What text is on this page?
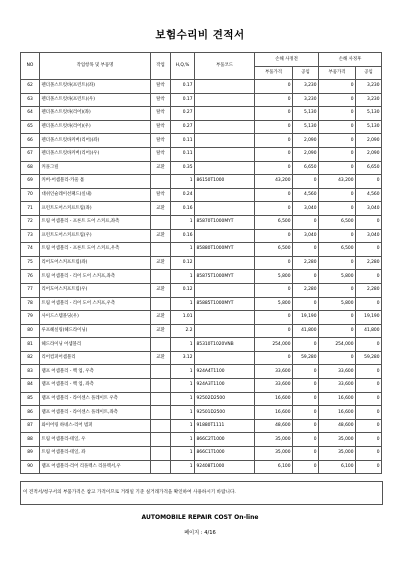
보험수리비 견적서
NO	작업항목 및 부품명	작업	H,Q,%	부품코드	손해 사정전		손해 사정후	
					부품가격	공임	부품가격	공임
62	펜더몰스트럿바(프런트)(좌)	탈착	0.17		0	3,230	0	3,230
63	펜더몰스트럿바(프런트)(우)	탈착	0.17		0	3,230	0	3,230
64	펜더몰스트럿바(리어)(좌)	탈착	0.27		0	5,130	0	5,130
65	펜더몰스트럿바(리어)(우)	탈착	0.27		0	5,130	0	5,130
66	펜더몰스트럿바커버(리어)(좌)	탈착	0.11		0	2,090	0	2,090
67	펜더몰스트럿바커버(리어)(우)	탈착	0.11		0	2,090	0	2,090
68	커플그릴	교환	0.35		0	6,650	0	6,650
69	커버-어셈블리-카울 톱		1	86150T1000	43,200	0	43,200	0
70	대쉬인슐레이션패드(실내)	탈착	0.24		0	4,560	0	4,560
71	프런트도어스커프트립(좌)	교환	0.16		0	3,040	0	3,040
72	트림 어셈블리 - 프론트 도어 스커프,좌측		1	85870T1000MYT	6,500	0	6,500	0
73	프런트도어스커프트립(우)	교환	0.16		0	3,040	0	3,040
74	트림 어셈블리 - 프론트 도어 스커프,우측		1	85880T1000MYT	6,500	0	6,500	0
75	리어도어스커프트립(좌)	교환	0.12		0	2,280	0	2,280
76	트림 어셈블리 - 리어 도어 스커프,좌측		1	85875T1000MYT	5,800	0	5,800	0
77	리어도어스커프트립(우)	교환	0.12		0	2,280	0	2,280
78	트림 어셈블리 - 리어 도어 스커프,우측		1	85885T1000MYT	5,800	0	5,800	0
79	사이드스텝몰딩(우)	교환	1.01		0	19,190	0	19,190
80	루프헤실링(헤드라이닝)	교환	2.2		0	41,800	0	41,800
81	헤드라이닝 어셈블리		1	85310T1020VNB	254,000	0	254,000	0
82	리어컴퍼어셈블리	교환	3.12		0	59,280	0	59,280
83	램프 어셈블리 - 백 업, 우측		1	924A4T1100	33,600	0	33,600	0
84	램프 어셈블리 - 백 업, 좌측		1	924A3T1100	33,600	0	33,600	0
85	램프 어셈블리 - 라이센스 플레이트 우측		1	92502D2500	16,600	0	16,600	0
86	램프 어셈블리 - 라이센스 플레이트,좌측		1	92501D2500	16,600	0	16,600	0
87	와이어링 하네스-리어 범퍼		1	91880T1111	48,600	0	48,600	0
88	트림 어셈블리-테일, 우		1	866C2T1000	35,000	0	35,000	0
89	트림 어셈블리-테일, 좌		1	866C1T1000	35,000	0	35,000	0
90	램프 어셈블리-리어 리플렉스 리플렉서,우		1	92408T1000	6,100	0	6,100	0
이 견적서/청구서의 부품가격은 참고 가격이므로 거래일 기준 실거래가격을 확인하여 사용하시기 바랍니다.
AUTOMOBILE REPAIR COST On-line
페이지 : 4/16
